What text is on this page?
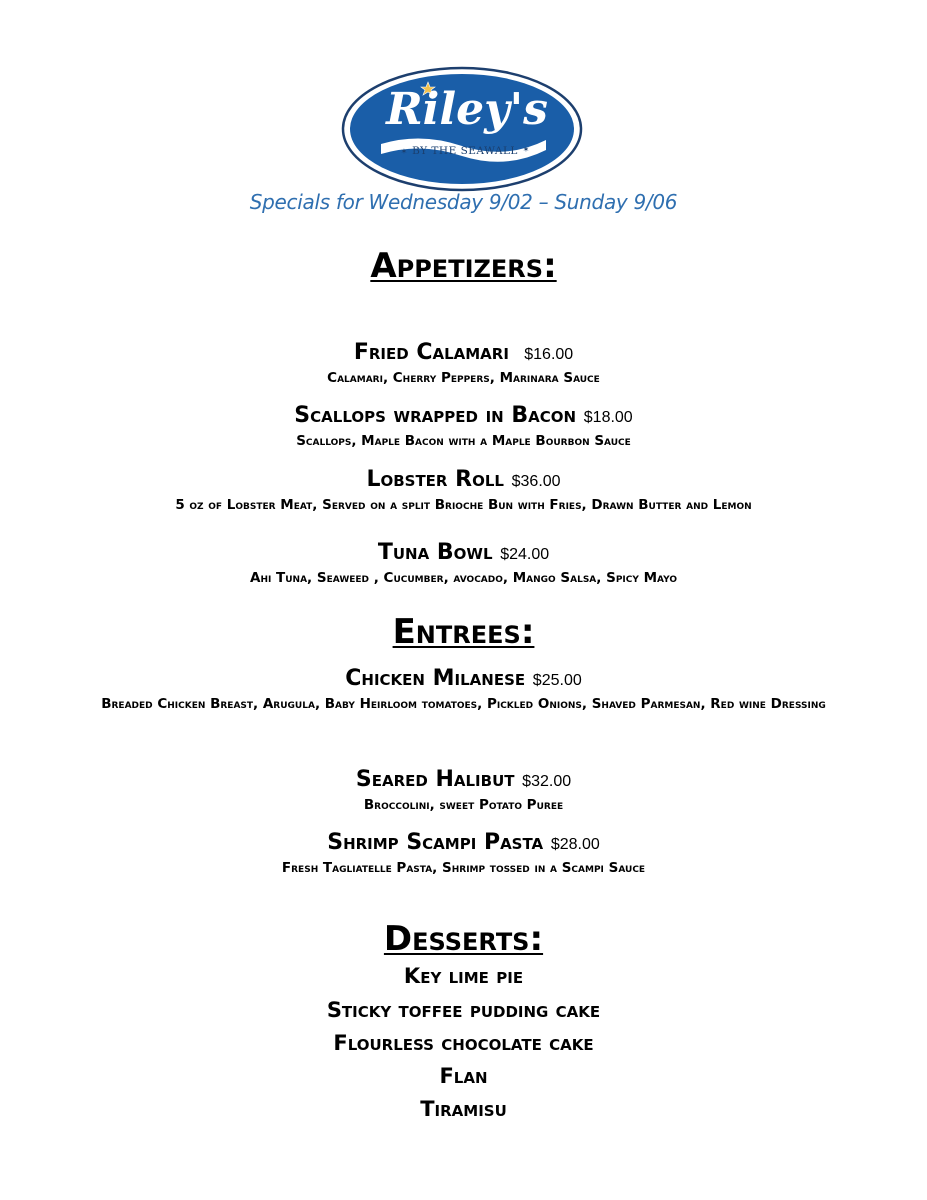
Riley's
BY THE SEAWALL
✶	✶
Specials for Wednesday 9/02 – Sunday 9/06
Appetizers:
Fried Calamari $16.00
Calamari, Cherry Peppers, Marinara Sauce
Scallops wrapped in Bacon $18.00
Scallops, Maple Bacon with a Maple Bourbon Sauce
Lobster Roll $36.00
5 oz of Lobster Meat, Served on a split Brioche Bun with Fries, Drawn Butter and Lemon
Tuna Bowl $24.00
Ahi Tuna, Seaweed , Cucumber, avocado, Mango Salsa, Spicy Mayo
Entrees:
Chicken Milanese $25.00
Breaded Chicken Breast, Arugula, Baby Heirloom tomatoes, Pickled Onions, Shaved Parmesan, Red wine Dressing
Seared Halibut $32.00
Broccolini, sweet Potato Puree
Shrimp Scampi Pasta $28.00
Fresh Tagliatelle Pasta, Shrimp tossed in a Scampi Sauce
Desserts:
Key lime pie
Sticky toffee pudding cake
Flourless chocolate cake
Flan
Tiramisu
